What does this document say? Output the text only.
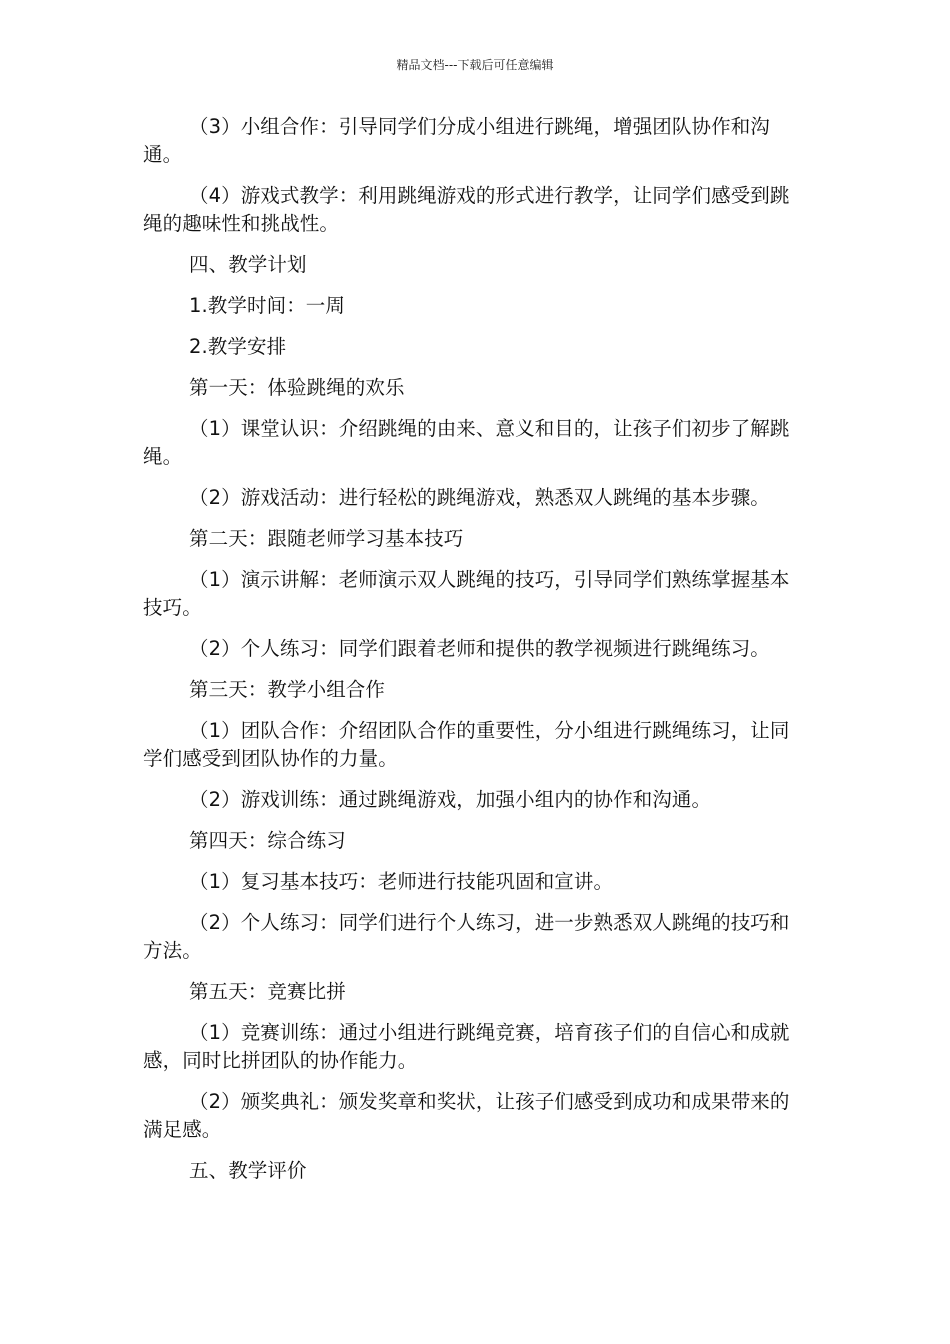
精品文档---下载后可任意编辑

（3）小组合作：引导同学们分成小组进行跳绳，增强团队协作和沟通。

（4）游戏式教学：利用跳绳游戏的形式进行教学，让同学们感受到跳绳的趣味性和挑战性。

四、教学计划

1.教学时间：一周

2.教学安排

第一天：体验跳绳的欢乐

（1）课堂认识：介绍跳绳的由来、意义和目的，让孩子们初步了解跳绳。

（2）游戏活动：进行轻松的跳绳游戏，熟悉双人跳绳的基本步骤。

第二天：跟随老师学习基本技巧

（1）演示讲解：老师演示双人跳绳的技巧，引导同学们熟练掌握基本技巧。

（2）个人练习：同学们跟着老师和提供的教学视频进行跳绳练习。

第三天：教学小组合作

（1）团队合作：介绍团队合作的重要性，分小组进行跳绳练习，让同学们感受到团队协作的力量。

（2）游戏训练：通过跳绳游戏，加强小组内的协作和沟通。

第四天：综合练习

（1）复习基本技巧：老师进行技能巩固和宣讲。

（2）个人练习：同学们进行个人练习，进一步熟悉双人跳绳的技巧和方法。

第五天：竞赛比拼

（1）竞赛训练：通过小组进行跳绳竞赛，培育孩子们的自信心和成就感，同时比拼团队的协作能力。

（2）颁奖典礼：颁发奖章和奖状，让孩子们感受到成功和成果带来的满足感。

五、教学评价
